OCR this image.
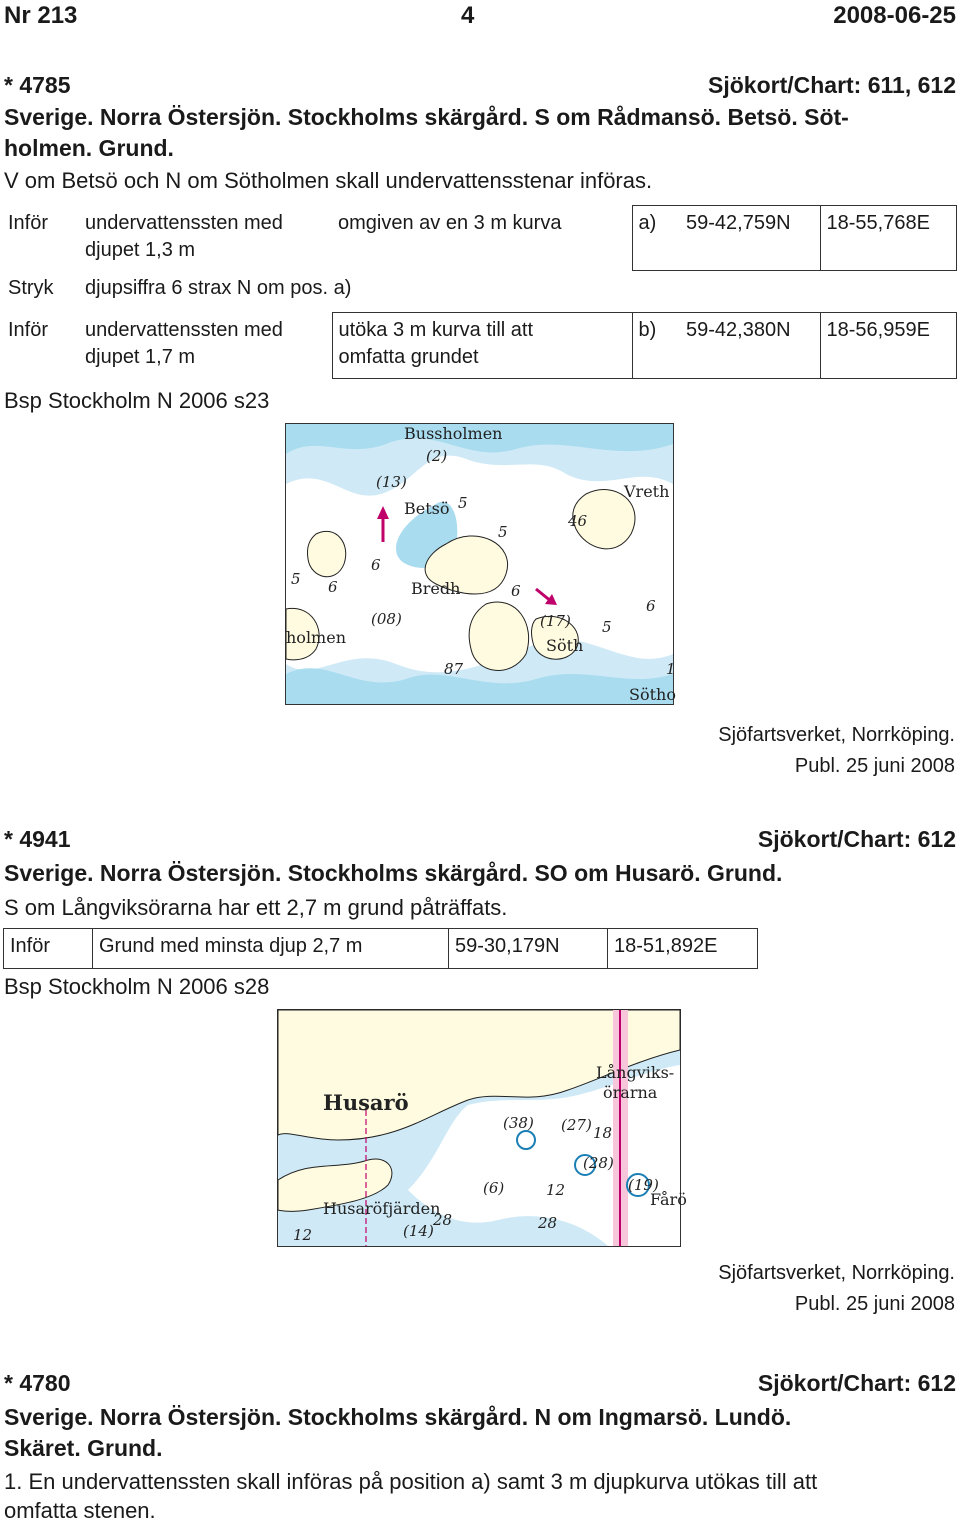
Nr 213	4	2008-06-25
* 4785	Sjökort/Chart: 611, 612
Sverige. Norra Östersjön. Stockholms skärgård. S om Rådmansö. Betsö. Söt-
holmen. Grund.
V om Betsö och N om Sötholmen skall undervattensstenar införas.
Inför	undervattenssten med
djupet 1,3 m	omgiven av en 3 m kurva	a)	59-42,759N	18-55,768E
Stryk	djupsiffra 6 strax N om pos. a)				
Inför	undervattenssten med
djupet 1,7 m	utöka 3 m kurva till att
omfatta grundet	b)	59-42,380N	18-56,959E
Bsp Stockholm N 2006 s23
Bussholmen
Vreth
Betsö
Bredh
Söth
Sötho
holmen
(2)
(13)
5
5
46
6
6	6
(08)
6
(17) 5
87
5
1
Sjöfartsverket, Norrköping.
Publ. 25 juni 2008
* 4941	Sjökort/Chart: 612
Sverige. Norra Östersjön. Stockholms skärgård. SO om Husarö. Grund.
S om Långviksörarna har ett 2,7 m grund påträffats.
Inför	Grund med minsta djup 2,7 m	59-30,179N	18-51,892E
Bsp Stockholm N 2006 s28
Husarö
Långviks-
örarna
Husaröfjärden	Fårö
(38) (27) 18
(28)
(6)	12	(19)
28	28
12	(14)
Sjöfartsverket, Norrköping.
Publ. 25 juni 2008
* 4780	Sjökort/Chart: 612
Sverige. Norra Östersjön. Stockholms skärgård. N om Ingmarsö. Lundö.
Skäret. Grund.
1. En undervattenssten skall införas på position a) samt 3 m djupkurva utökas till att
omfatta stenen.
